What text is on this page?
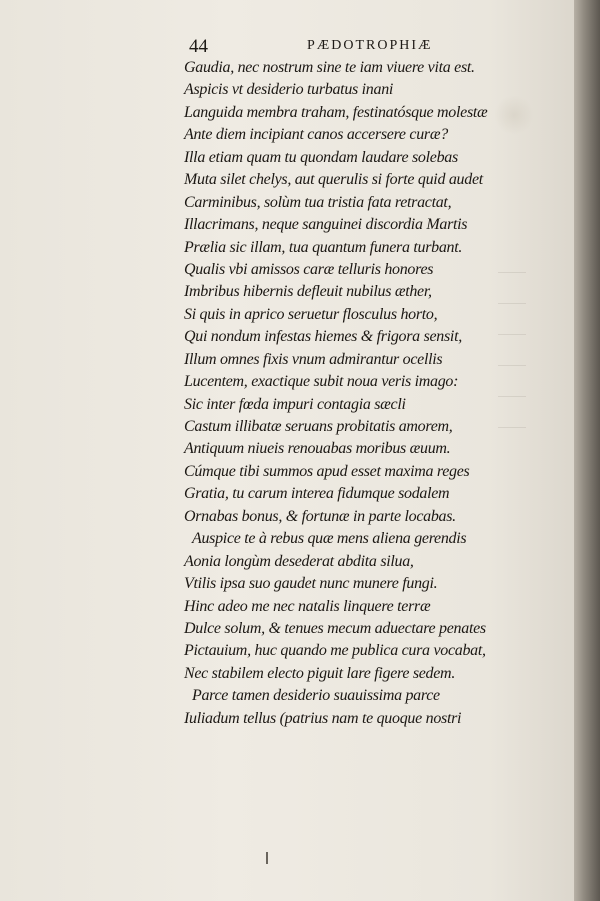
44	PÆDOTROPHIÆ
Gaudia, nec nostrum sine te iam viuere vita est.
Aspicis vt desiderio turbatus inani
Languida membra traham, festinatósque molestæ
Ante diem incipiant canos accersere curæ?
Illa etiam quam tu quondam laudare solebas
Muta silet chelys, aut querulis si forte quid audet
Carminibus, solùm tua tristia fata retractat,
Illacrimans, neque sanguinei discordia Martis
Prælia sic illam, tua quantum funera turbant.
Qualis vbi amissos caræ telluris honores
Imbribus hibernis defleuit nubilus æther,
Si quis in aprico seruetur flosculus horto,
Qui nondum infestas hiemes & frigora sensit,
Illum omnes fixis vnum admirantur ocellis
Lucentem, exactique subit noua veris imago:
Sic inter fœda impuri contagia sæcli
Castum illibatæ seruans probitatis amorem,
Antiquum niueis renouabas moribus æuum.
Cúmque tibi summos apud esset maxima reges
Gratia, tu carum interea fidumque sodalem
Ornabas bonus, & fortunæ in parte locabas.
Auspice te à rebus quæ mens aliena gerendis
Aonia longùm desederat abdita silua,
Vtilis ipsa suo gaudet nunc munere fungi.
Hinc adeo me nec natalis linquere terræ
Dulce solum, & tenues mecum aduectare penates
Pictauium, huc quando me publica cura vocabat,
Nec stabilem electo piguit lare figere sedem.
Parce tamen desiderio suauissima parce
Iuliadum tellus (patrius nam te quoque nostri
